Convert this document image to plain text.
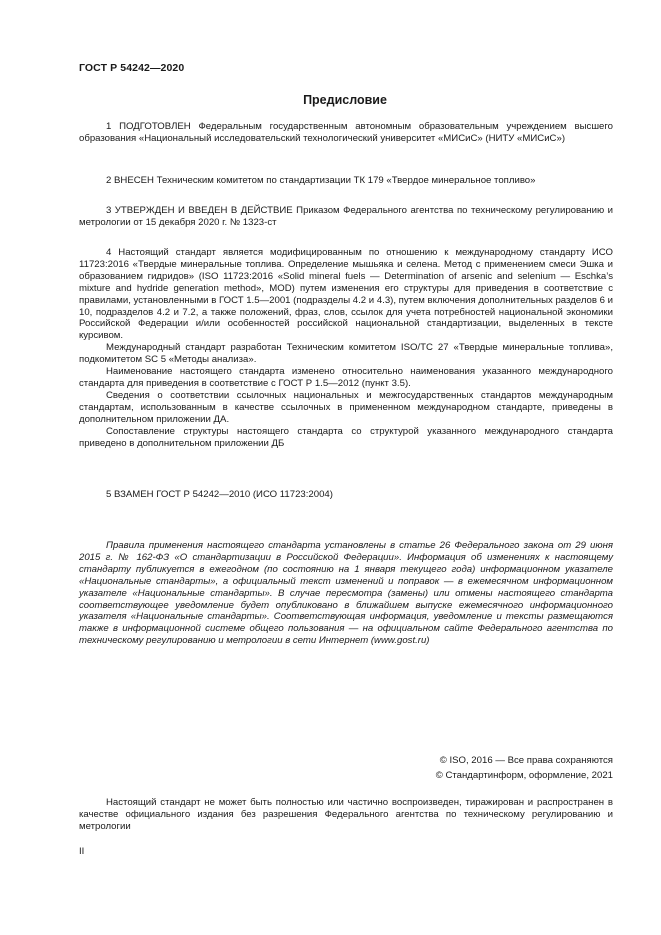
ГОСТ Р 54242—2020
Предисловие

1 ПОДГОТОВЛЕН Федеральным государственным автономным образовательным учреждением высшего образования «Национальный исследовательский технологический университет «МИСиС» (НИТУ «МИСиС»)

2 ВНЕСЕН Техническим комитетом по стандартизации ТК 179 «Твердое минеральное топливо»

3 УТВЕРЖДЕН И ВВЕДЕН В ДЕЙСТВИЕ Приказом Федерального агентства по техническому регулированию и метрологии от 15 декабря 2020 г. № 1323-ст

4 Настоящий стандарт является модифицированным по отношению к международному стандарту ИСО 11723:2016 «Твердые минеральные топлива. Определение мышьяка и селена. Метод с применением смеси Эшка и образованием гидридов» (ISO 11723:2016 «Solid mineral fuels — Determination of arsenic and selenium — Eschka’s mixture and hydride generation method», MOD) путем изменения его структуры для приведения в соответствие с правилами, установленными в ГОСТ 1.5—2001 (подразделы 4.2 и 4.3), путем включения дополнительных разделов 6 и 10, подразделов 4.2 и 7.2, а также положений, фраз, слов, ссылок для учета потребностей национальной экономики Российской Федерации и/или особенностей российской национальной стандартизации, выделенных в тексте курсивом.

Международный стандарт разработан Техническим комитетом ISO/TC 27 «Твердые минеральные топлива», подкомитетом SC 5 «Методы анализа».

Наименование настоящего стандарта изменено относительно наименования указанного международного стандарта для приведения в соответствие с ГОСТ Р 1.5—2012 (пункт 3.5).

Сведения о соответствии ссылочных национальных и межгосударственных стандартов международным стандартам, использованным в качестве ссылочных в примененном международном стандарте, приведены в дополнительном приложении ДА.

Сопоставление структуры настоящего стандарта со структурой указанного международного стандарта приведено в дополнительном приложении ДБ

5 ВЗАМЕН ГОСТ Р 54242—2010 (ИСО 11723:2004)

Правила применения настоящего стандарта установлены в статье 26 Федерального закона от 29 июня 2015 г. № 162-ФЗ «О стандартизации в Российской Федерации». Информация об изменениях к настоящему стандарту публикуется в ежегодном (по состоянию на 1 января текущего года) информационном указателе «Национальные стандарты», а официальный текст изменений и поправок — в ежемесячном информационном указателе «Национальные стандарты». В случае пересмотра (замены) или отмены настоящего стандарта соответствующее уведомление будет опубликовано в ближайшем выпуске ежемесячного информационного указателя «Национальные стандарты». Соответствующая информация, уведомление и тексты размещаются также в информационной системе общего пользования — на официальном сайте Федерального агентства по техническому регулированию и метрологии в сети Интернет (www.gost.ru)

© ISO, 2016 — Все права сохраняются
© Стандартинформ, оформление, 2021

Настоящий стандарт не может быть полностью или частично воспроизведен, тиражирован и распространен в качестве официального издания без разрешения Федерального агентства по техническому регулированию и метрологии

II
